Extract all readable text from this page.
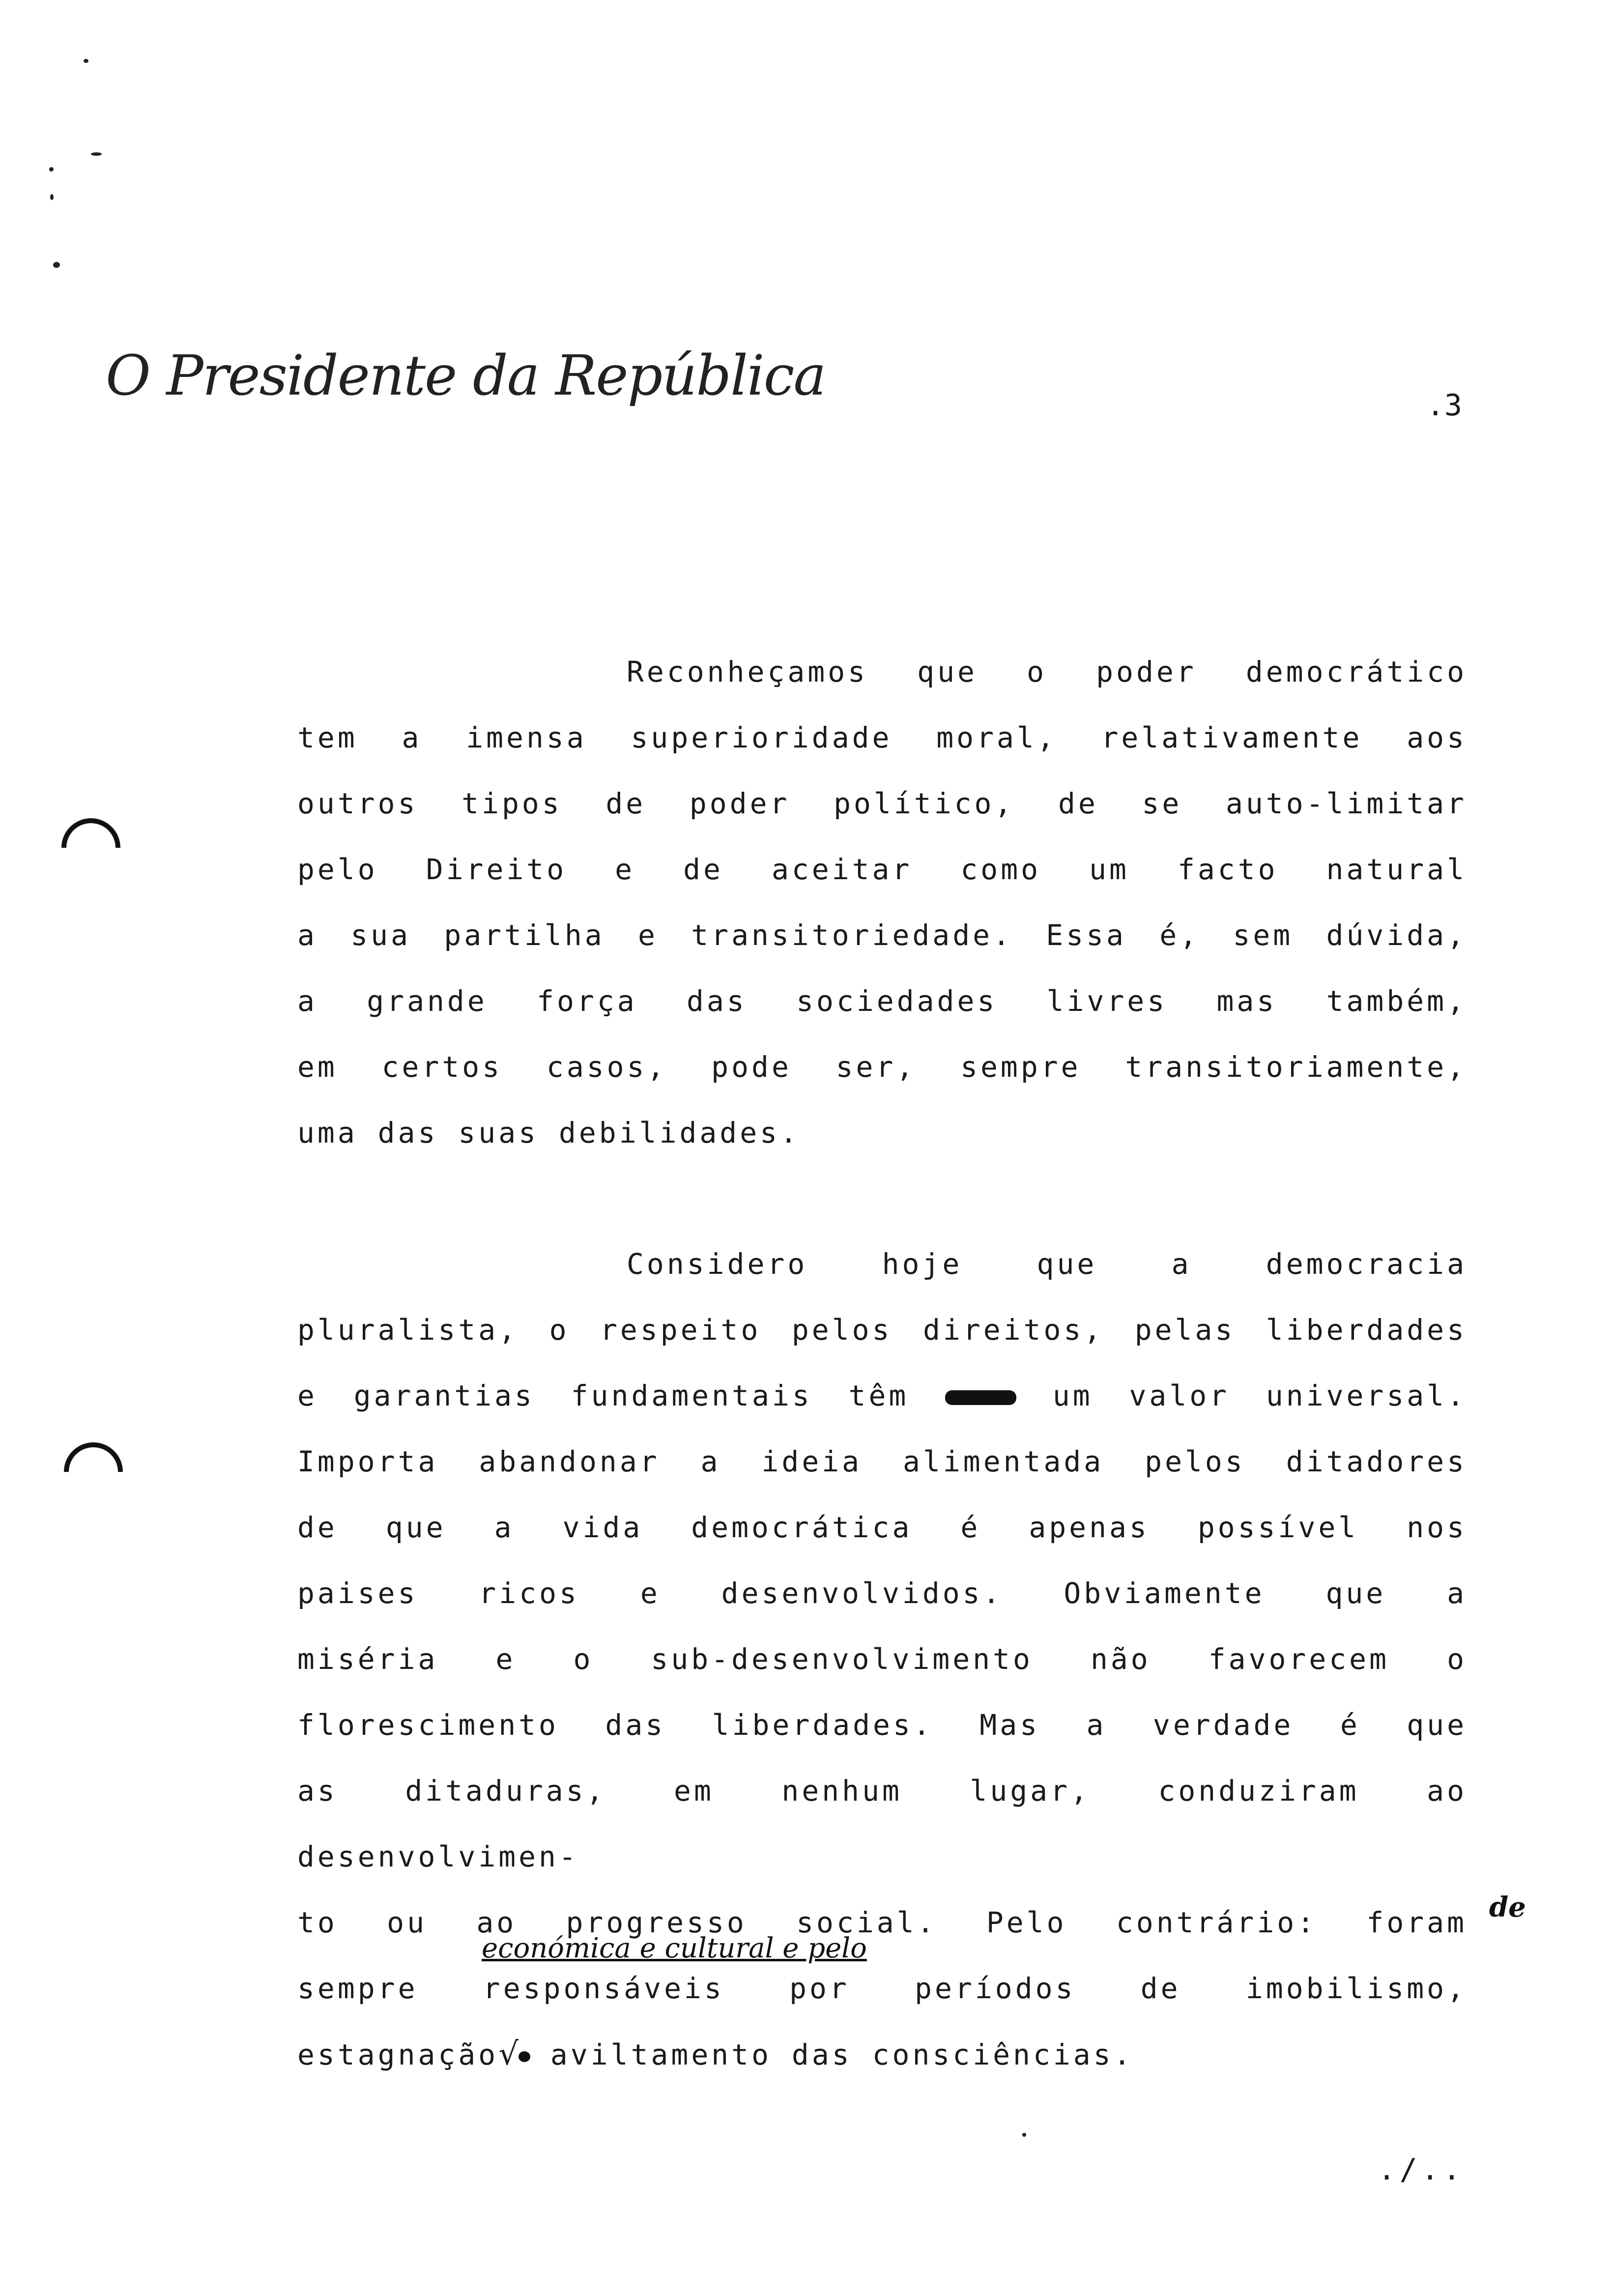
O Presidente da República	.3
Reconheçamos que o poder democrático
tem a imensa superioridade moral, relativamente aos
outros tipos de poder político, de se auto-limitar
pelo Direito e de aceitar como um facto natural
a sua partilha e transitoriedade. Essa é, sem dúvida,
a grande força das sociedades livres mas também,
em certos casos, pode ser, sempre transitoriamente,
uma das suas debilidades.
Considero hoje que a democracia
pluralista, o respeito pelos direitos, pelas liberdades
e garantias fundamentais têm	um valor universal.
Importa abandonar a ideia alimentada pelos ditadores
de que a vida democrática é apenas possível nos
paises ricos e desenvolvidos. Obviamente que a
miséria e o sub-desenvolvimento não favorecem o
florescimento das liberdades. Mas a verdade é que
as ditaduras, em nenhum lugar, conduziram ao desenvolvimen-
to ou ao progresso social. Pelo contrário: foram
sempre responsáveis por períodos de imobilismo,
estagnação√ aviltamento das consciências.
de
económica e cultural e pelo
./..
